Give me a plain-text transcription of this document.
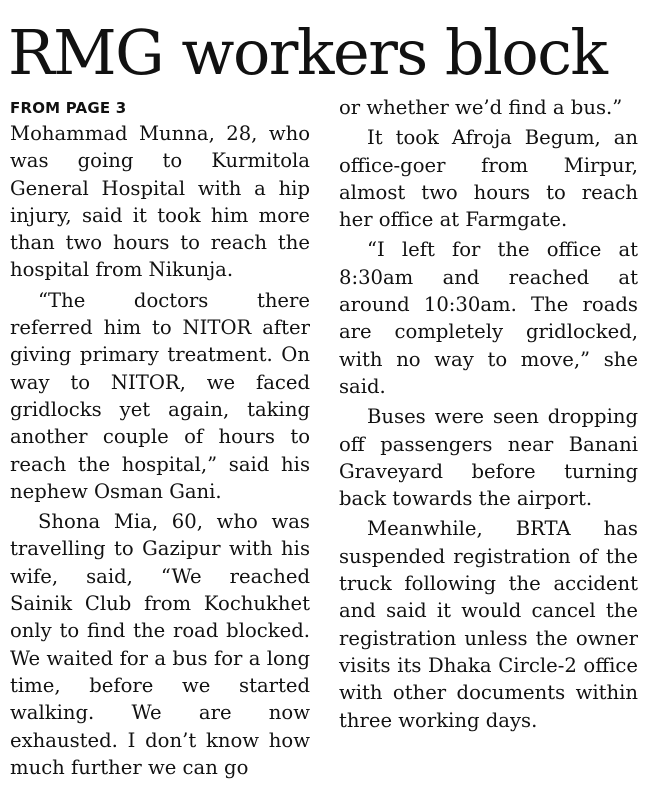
RMG workers block
FROM PAGE 3

Mohammad Munna, 28, who was going to Kurmitola General Hospital with a hip injury, said it took him more than two hours to reach the hospital from Nikunja.

“The doctors there referred him to NITOR after giving primary treatment. On way to NITOR, we faced gridlocks yet again, taking another couple of hours to reach the hospital,” said his nephew Osman Gani.

Shona Mia, 60, who was travelling to Gazipur with his wife, said, “We reached Sainik Club from Kochukhet only to find the road blocked. We waited for a bus for a long time, before we started walking. We are now exhausted. I don’t know how much further we can go

or whether we’d find a bus.”

It took Afroja Begum, an office-goer from Mirpur, almost two hours to reach her office at Farmgate.

“I left for the office at 8:30am and reached at around 10:30am. The roads are completely gridlocked, with no way to move,” she said.

Buses were seen dropping off passengers near Banani Graveyard before turning back towards the airport.

Meanwhile, BRTA has suspended registration of the truck following the accident and said it would cancel the registration unless the owner visits its Dhaka Circle-2 office with other documents within three working days.
